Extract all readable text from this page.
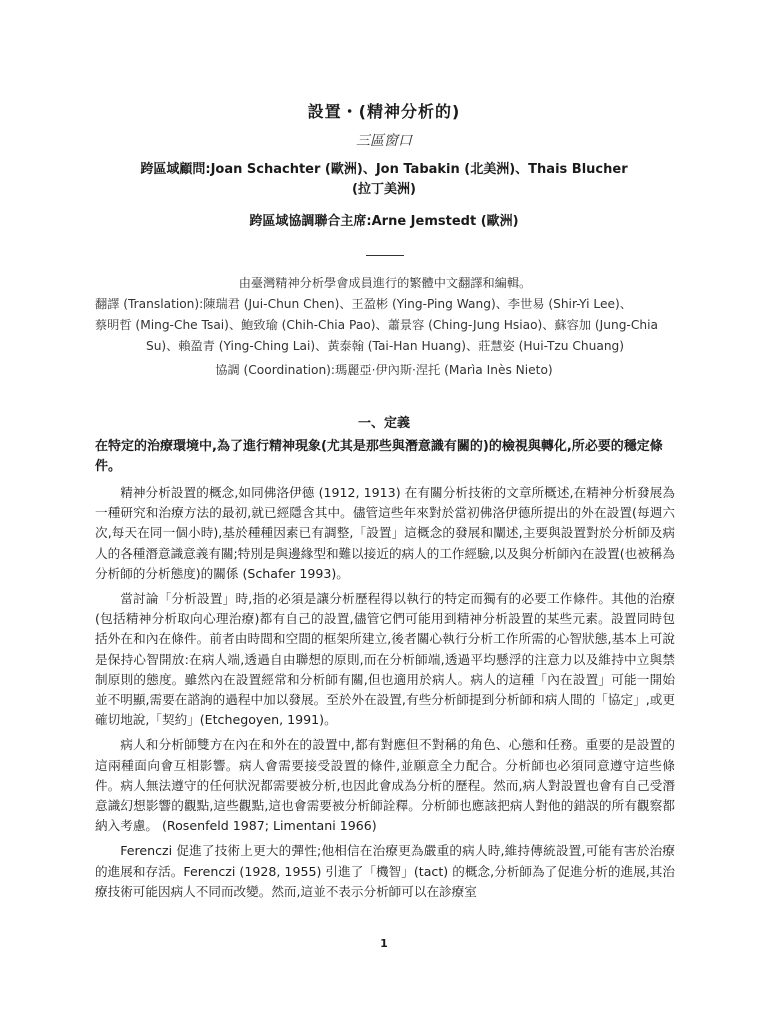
設置・(精神分析的)
三區窗口
跨區域顧問:Joan Schachter (歐洲)、Jon Tabakin (北美洲)、Thais Blucher
(拉丁美洲)
跨區域協調聯合主席:Arne Jemstedt (歐洲)
由臺灣精神分析學會成員進行的繁體中文翻譯和編輯。
翻譯 (Translation):陳瑞君 (Jui-Chun Chen)、王盈彬 (Ying-Ping Wang)、李世易 (Shir-Yi Lee)、
蔡明哲 (Ming-Che Tsai)、鮑致瑜 (Chih-Chia Pao)、蕭景容 (Ching-Jung Hsiao)、蘇容加 (Jung-Chia
Su)、賴盈青 (Ying-Ching Lai)、黃泰翰 (Tai-Han Huang)、莊慧姿 (Hui-Tzu Chuang)
協調 (Coordination):瑪麗亞·伊內斯·涅托 (Marìa Inès Nieto)
一、定義
在特定的治療環境中,為了進行精神現象(尤其是那些與潛意識有關的)的檢視與轉化,所必要的穩定條件。

精神分析設置的概念,如同佛洛伊德 (1912, 1913) 在有關分析技術的文章所概述,在精神分析發展為一種研究和治療方法的最初,就已經隱含其中。儘管這些年來對於當初佛洛伊德所提出的外在設置(每週六次,每天在同一個小時),基於種種因素已有調整,「設置」這概念的發展和闡述,主要與設置對於分析師及病人的各種潛意識意義有關;特別是與邊緣型和難以接近的病人的工作經驗,以及與分析師內在設置(也被稱為分析師的分析態度)的關係 (Schafer 1993)。

當討論「分析設置」時,指的必須是讓分析歷程得以執行的特定而獨有的必要工作條件。其他的治療(包括精神分析取向心理治療)都有自己的設置,儘管它們可能用到精神分析設置的某些元素。設置同時包括外在和內在條件。前者由時間和空間的框架所建立,後者關心執行分析工作所需的心智狀態,基本上可說是保持心智開放:在病人端,透過自由聯想的原則,而在分析師端,透過平均懸浮的注意力以及維持中立與禁制原則的態度。雖然內在設置經常和分析師有關,但也適用於病人。病人的這種「內在設置」可能一開始並不明顯,需要在諮詢的過程中加以發展。至於外在設置,有些分析師提到分析師和病人間的「協定」,或更確切地說,「契約」(Etchegoyen, 1991)。

病人和分析師雙方在內在和外在的設置中,都有對應但不對稱的角色、心態和任務。重要的是設置的這兩種面向會互相影響。病人會需要接受設置的條件,並願意全力配合。分析師也必須同意遵守這些條件。病人無法遵守的任何狀況都需要被分析,也因此會成為分析的歷程。然而,病人對設置也會有自己受潛意識幻想影響的觀點,這些觀點,這也會需要被分析師詮釋。分析師也應該把病人對他的錯誤的所有觀察都納入考慮。 (Rosenfeld 1987; Limentani 1966)

Ferenczi 促進了技術上更大的彈性;他相信在治療更為嚴重的病人時,維持傳統設置,可能有害於治療的進展和存活。Ferenczi (1928, 1955) 引進了「機智」(tact) 的概念,分析師為了促進分析的進展,其治療技術可能因病人不同而改變。然而,這並不表示分析師可以在診療室

1
